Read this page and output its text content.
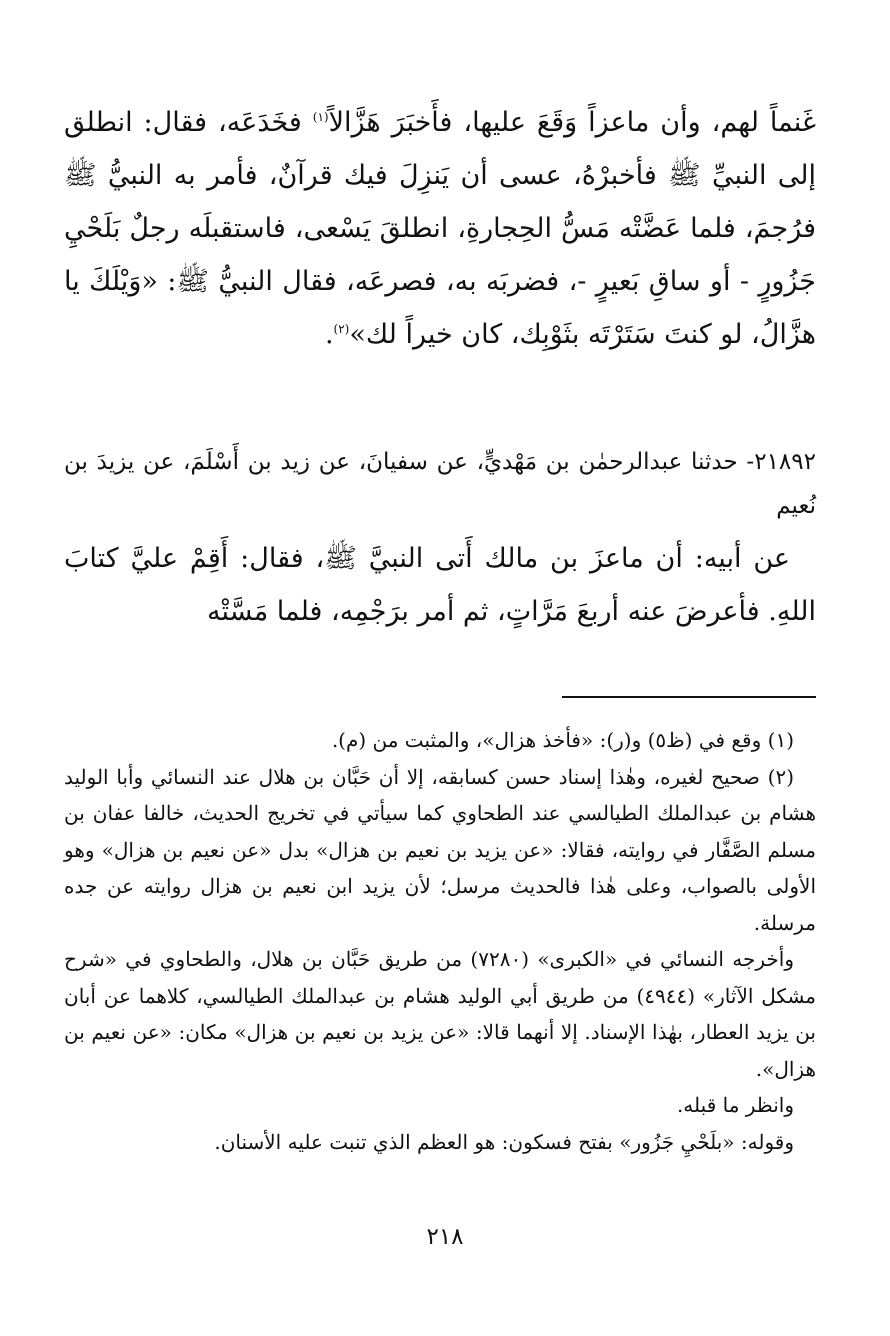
غَنماً لهم، وأن ماعزاً وَقَعَ عليها، فأَخبَرَ هَزَّالاً$^{(١)}$ فخَدَعَه، فقال: انطلق إلى النبيِّ ﷺ فأخبرْهُ، عسى أن يَنزِلَ فيك قرآنٌ، فأمر به النبيُّ ﷺ فرُجمَ، فلما عَضَّتْه مَسُّ الحِجارةِ، انطلقَ يَسْعى، فاستقبلَه رجلٌ بَلَحْيِ جَزُورٍ - أو ساقِ بَعيرٍ -، فضربَه به، فصرعَه، فقال النبيُّ ﷺ: «وَيْلَكَ يا هزَّالُ، لو كنتَ سَتَرْتَه بثَوْبِك، كان خيراً لك»$^{(٢)}$.

٢١٨٩٢- حدثنا عبدالرحمٰن بن مَهْديٍّ، عن سفيانَ، عن زيد بن أَسْلَمَ، عن يزيدَ بن نُعيم

عن أبيه: أن ماعزَ بن مالك أَتى النبيَّ ﷺ، فقال: أَقِمْ عليَّ كتابَ اللهِ. فأعرضَ عنه أربعَ مَرَّاتٍ، ثم أمر برَجْمِه، فلما مَسَّتْه

(١) وقع في (ظ٥) و(ر): «فأخذ هزال»، والمثبت من (م).

(٢) صحيح لغيره، وهٰذا إسناد حسن كسابقه، إلا أن حَبَّان بن هلال عند النسائي وأبا الوليد هشام بن عبدالملك الطيالسي عند الطحاوي كما سيأتي في تخريج الحديث، خالفا عفان بن مسلم الصَّفَّار في روايته، فقالا: «عن يزيد بن نعيم بن هزال» بدل «عن نعيم بن هزال» وهو الأولى بالصواب، وعلى هٰذا فالحديث مرسل؛ لأن يزيد ابن نعيم بن هزال روايته عن جده مرسلة.

وأخرجه النسائي في «الكبرى» (٧٢٨٠) من طريق حَبَّان بن هلال، والطحاوي في «شرح مشكل الآثار» (٤٩٤٤) من طريق أبي الوليد هشام بن عبدالملك الطيالسي، كلاهما عن أبان بن يزيد العطار، بهٰذا الإسناد. إلا أنهما قالا: «عن يزيد بن نعيم بن هزال» مكان: «عن نعيم بن هزال».

وانظر ما قبله.

وقوله: «بلَحْيِ جَزُور» بفتح فسكون: هو العظم الذي تنبت عليه الأسنان.

٢١٨
